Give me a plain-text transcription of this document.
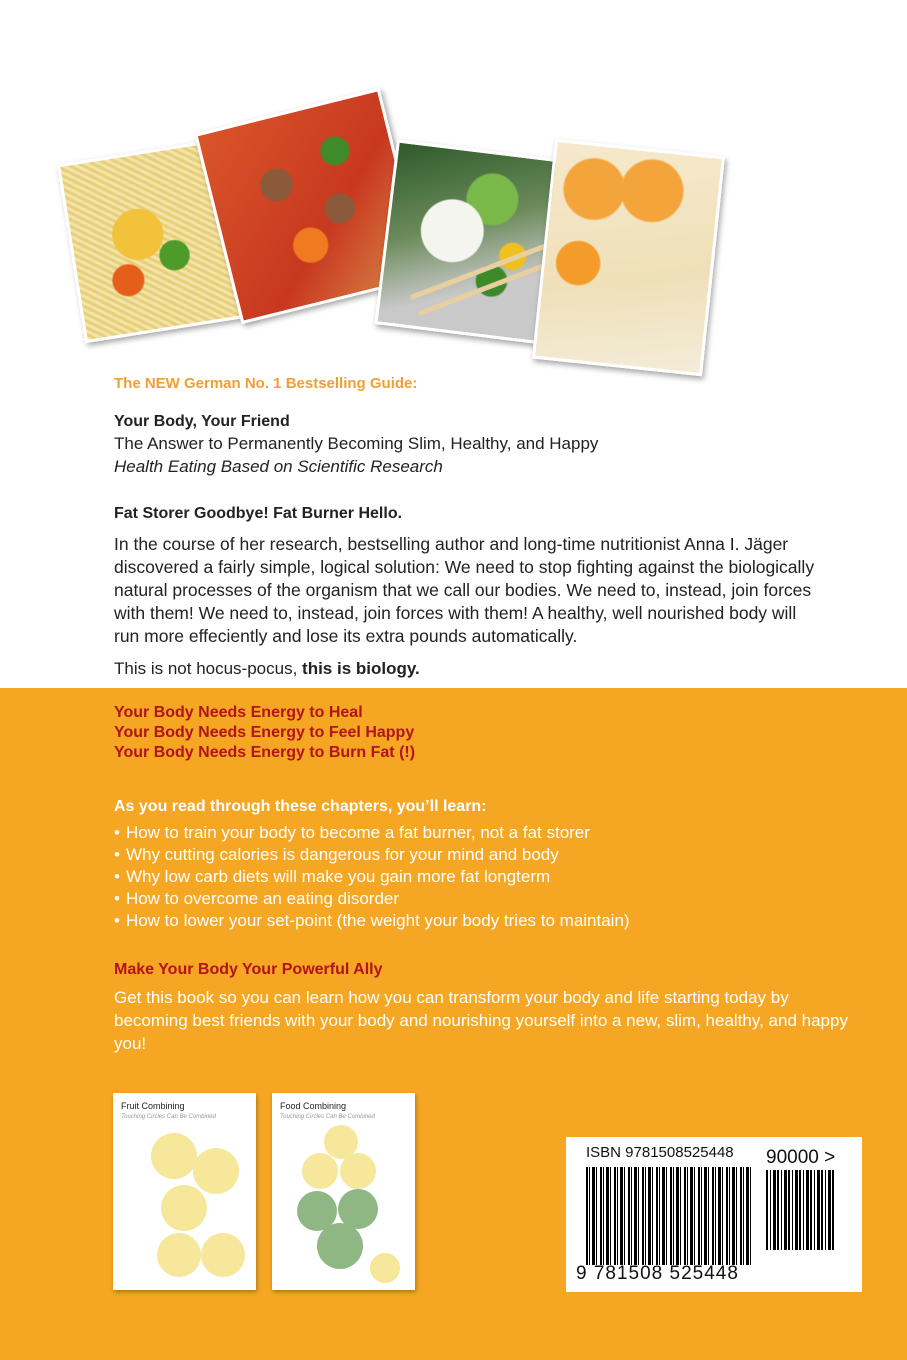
The NEW German No. 1 Bestselling Guide:
Your Body, Your Friend
The Answer to Permanently Becoming Slim, Healthy, and Happy
Health Eating Based on Scientific Research
Fat Storer Goodbye! Fat Burner Hello.
In the course of her research, bestselling author and long-time nutritionist Anna I. Jäger discovered a fairly simple, logical solution: We need to stop fighting against the biologically natural processes of the organism that we call our bodies. We need to, instead, join forces with them! We need to, instead, join forces with them! A healthy, well nourished body will run more effeciently and lose its extra pounds automatically.
This is not hocus-pocus, this is biology.
Your Body Needs Energy to Heal
Your Body Needs Energy to Feel Happy
Your Body Needs Energy to Burn Fat (!)
As you read through these chapters, you’ll learn:
• How to train your body to become a fat burner, not a fat storer
• Why cutting calories is dangerous for your mind and body
• Why low carb diets will make you gain more fat longterm
• How to overcome an eating disorder
• How to lower your set-point (the weight your body tries to maintain)
Make Your Body Your Powerful Ally
Get this book so you can learn how you can transform your body and life starting today by becoming best friends with your body and nourishing yourself into a new, slim, healthy, and happy you!
Fruit Combining
Touching Circles Can Be Combined
Food Combining
Touching Circles Can Be Combined
ISBN 9781508525448 90000 >
9 781508 525448
